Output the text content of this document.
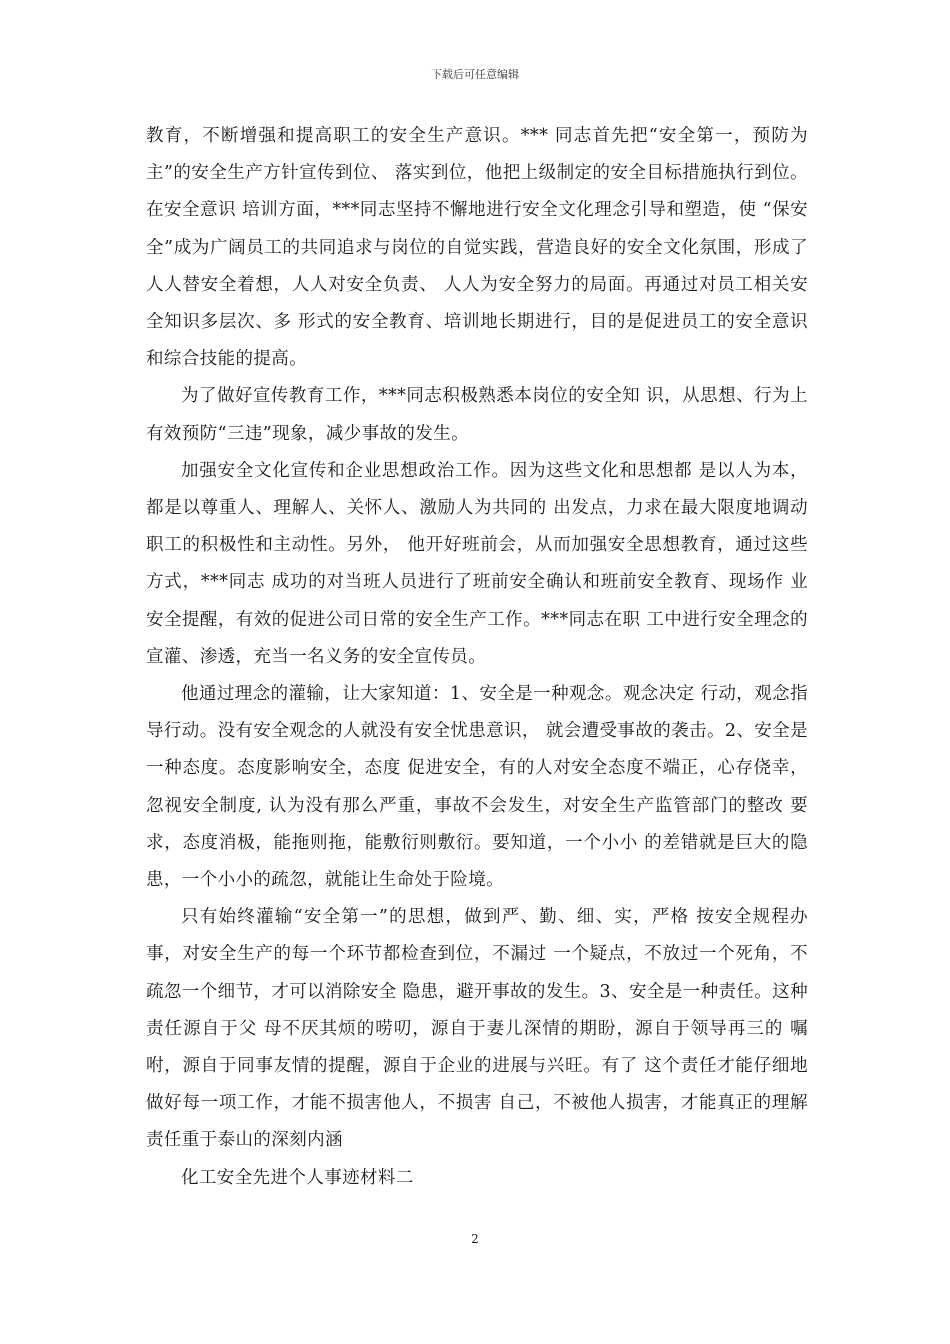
下载后可任意编辑

教育，不断增强和提高职工的安全生产意识。*** 同志首先把“安全第一，预防为主”的安全生产方针宣传到位、 落实到位，他把上级制定的安全目标措施执行到位。在安全意识 培训方面，***同志坚持不懈地进行安全文化理念引导和塑造，使 “保安全”成为广阔员工的共同追求与岗位的自觉实践，营造良好的安全文化氛围，形成了人人替安全着想，人人对安全负责、 人人为安全努力的局面。再通过对员工相关安全知识多层次、多 形式的安全教育、培训地长期进行，目的是促进员工的安全意识 和综合技能的提高。

为了做好宣传教育工作，***同志积极熟悉本岗位的安全知 识，从思想、行为上有效预防“三违”现象，减少事故的发生。

加强安全文化宣传和企业思想政治工作。因为这些文化和思想都 是以人为本，都是以尊重人、理解人、关怀人、激励人为共同的 出发点，力求在最大限度地调动职工的积极性和主动性。另外， 他开好班前会，从而加强安全思想教育，通过这些方式，***同志 成功的对当班人员进行了班前安全确认和班前安全教育、现场作 业安全提醒，有效的促进公司日常的安全生产工作。***同志在职 工中进行安全理念的宣灌、渗透，充当一名义务的安全宣传员。

他通过理念的灌输，让大家知道：1、安全是一种观念。观念决定 行动，观念指导行动。没有安全观念的人就没有安全忧患意识， 就会遭受事故的袭击。2、安全是一种态度。态度影响安全，态度 促进安全，有的人对安全态度不端正，心存侥幸，忽视安全制度, 认为没有那么严重，事故不会发生，对安全生产监管部门的整改 要求，态度消极，能拖则拖，能敷衍则敷衍。要知道，一个小小 的差错就是巨大的隐患，一个小小的疏忽，就能让生命处于险境。

只有始终灌输“安全第一”的思想，做到严、勤、细、实，严格 按安全规程办事，对安全生产的每一个环节都检查到位，不漏过 一个疑点，不放过一个死角，不疏忽一个细节，才可以消除安全 隐患，避开事故的发生。3、安全是一种责任。这种责任源自于父 母不厌其烦的唠叨，源自于妻儿深情的期盼，源自于领导再三的 嘱咐，源自于同事友情的提醒，源自于企业的进展与兴旺。有了 这个责任才能仔细地做好每一项工作，才能不损害他人，不损害 自己，不被他人损害，才能真正的理解责任重于泰山的深刻内涵

化工安全先进个人事迹材料二

2
